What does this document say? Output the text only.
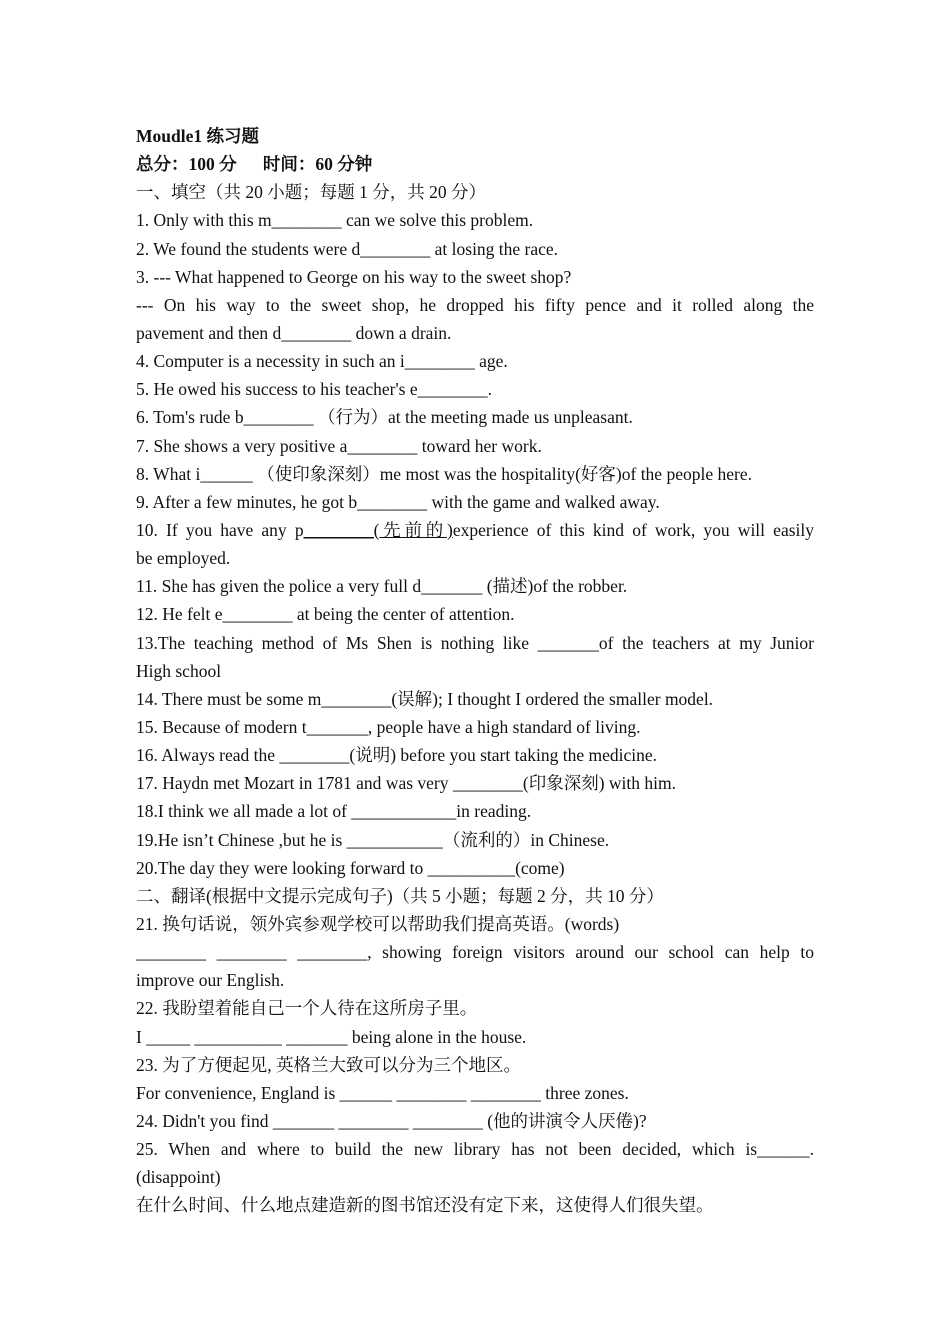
Moudle1 练习题
总分：100 分      时间：60 分钟
一、填空（共 20 小题；每题 1 分，共 20 分）
1. Only with this m________ can we solve this problem.
2. We found the students were d________ at losing the race.
3. --- What happened to George on his way to the sweet shop?
--- On his way to the sweet shop, he dropped his fifty pence and it rolled along the
pavement and then d________ down a drain.
4. Computer is a necessity in such an i________ age.
5. He owed his success to his teacher's e________.
6. Tom's rude b________ （行为）at the meeting made us unpleasant.
7. She shows a very positive a________ toward her work.
8. What i______ （使印象深刻）me most was the hospitality(好客)of the people here.
9. After a few minutes, he got b________ with the game and walked away.
10. If you have any p________(先前的)experience of this kind of work, you will easily
be employed.
11. She has given the police a very full d_______ (描述)of the robber.
12. He felt e________ at being the center of attention.
13.The teaching method of Ms Shen is nothing like _______of the teachers at my Junior
High school
14. There must be some m________(误解); I thought I ordered the smaller model.
15. Because of modern t_______, people have a high standard of living.
16. Always read the ________(说明) before you start taking the medicine.
17. Haydn met Mozart in 1781 and was very ________(印象深刻) with him.
18.I think we all made a lot of ____________in reading.
19.He isn’t Chinese ,but he is ___________（流利的）in Chinese.
20.The day they were looking forward to __________(come)
二、翻译(根据中文提示完成句子)（共 5 小题；每题 2 分，共 10 分）
21. 换句话说，领外宾参观学校可以帮助我们提高英语。(words)
________ ________ ________, showing foreign visitors around our school can help to
improve our English.
22. 我盼望着能自己一个人待在这所房子里。
I _____ __________ _______ being alone in the house.
23. 为了方便起见, 英格兰大致可以分为三个地区。
For convenience, England is ______ ________ ________ three zones.
24. Didn't you find _______ ________ ________ (他的讲演令人厌倦)?
25. When and where to build the new library has not been decided, which is______.
(disappoint)
在什么时间、什么地点建造新的图书馆还没有定下来，这使得人们很失望。
